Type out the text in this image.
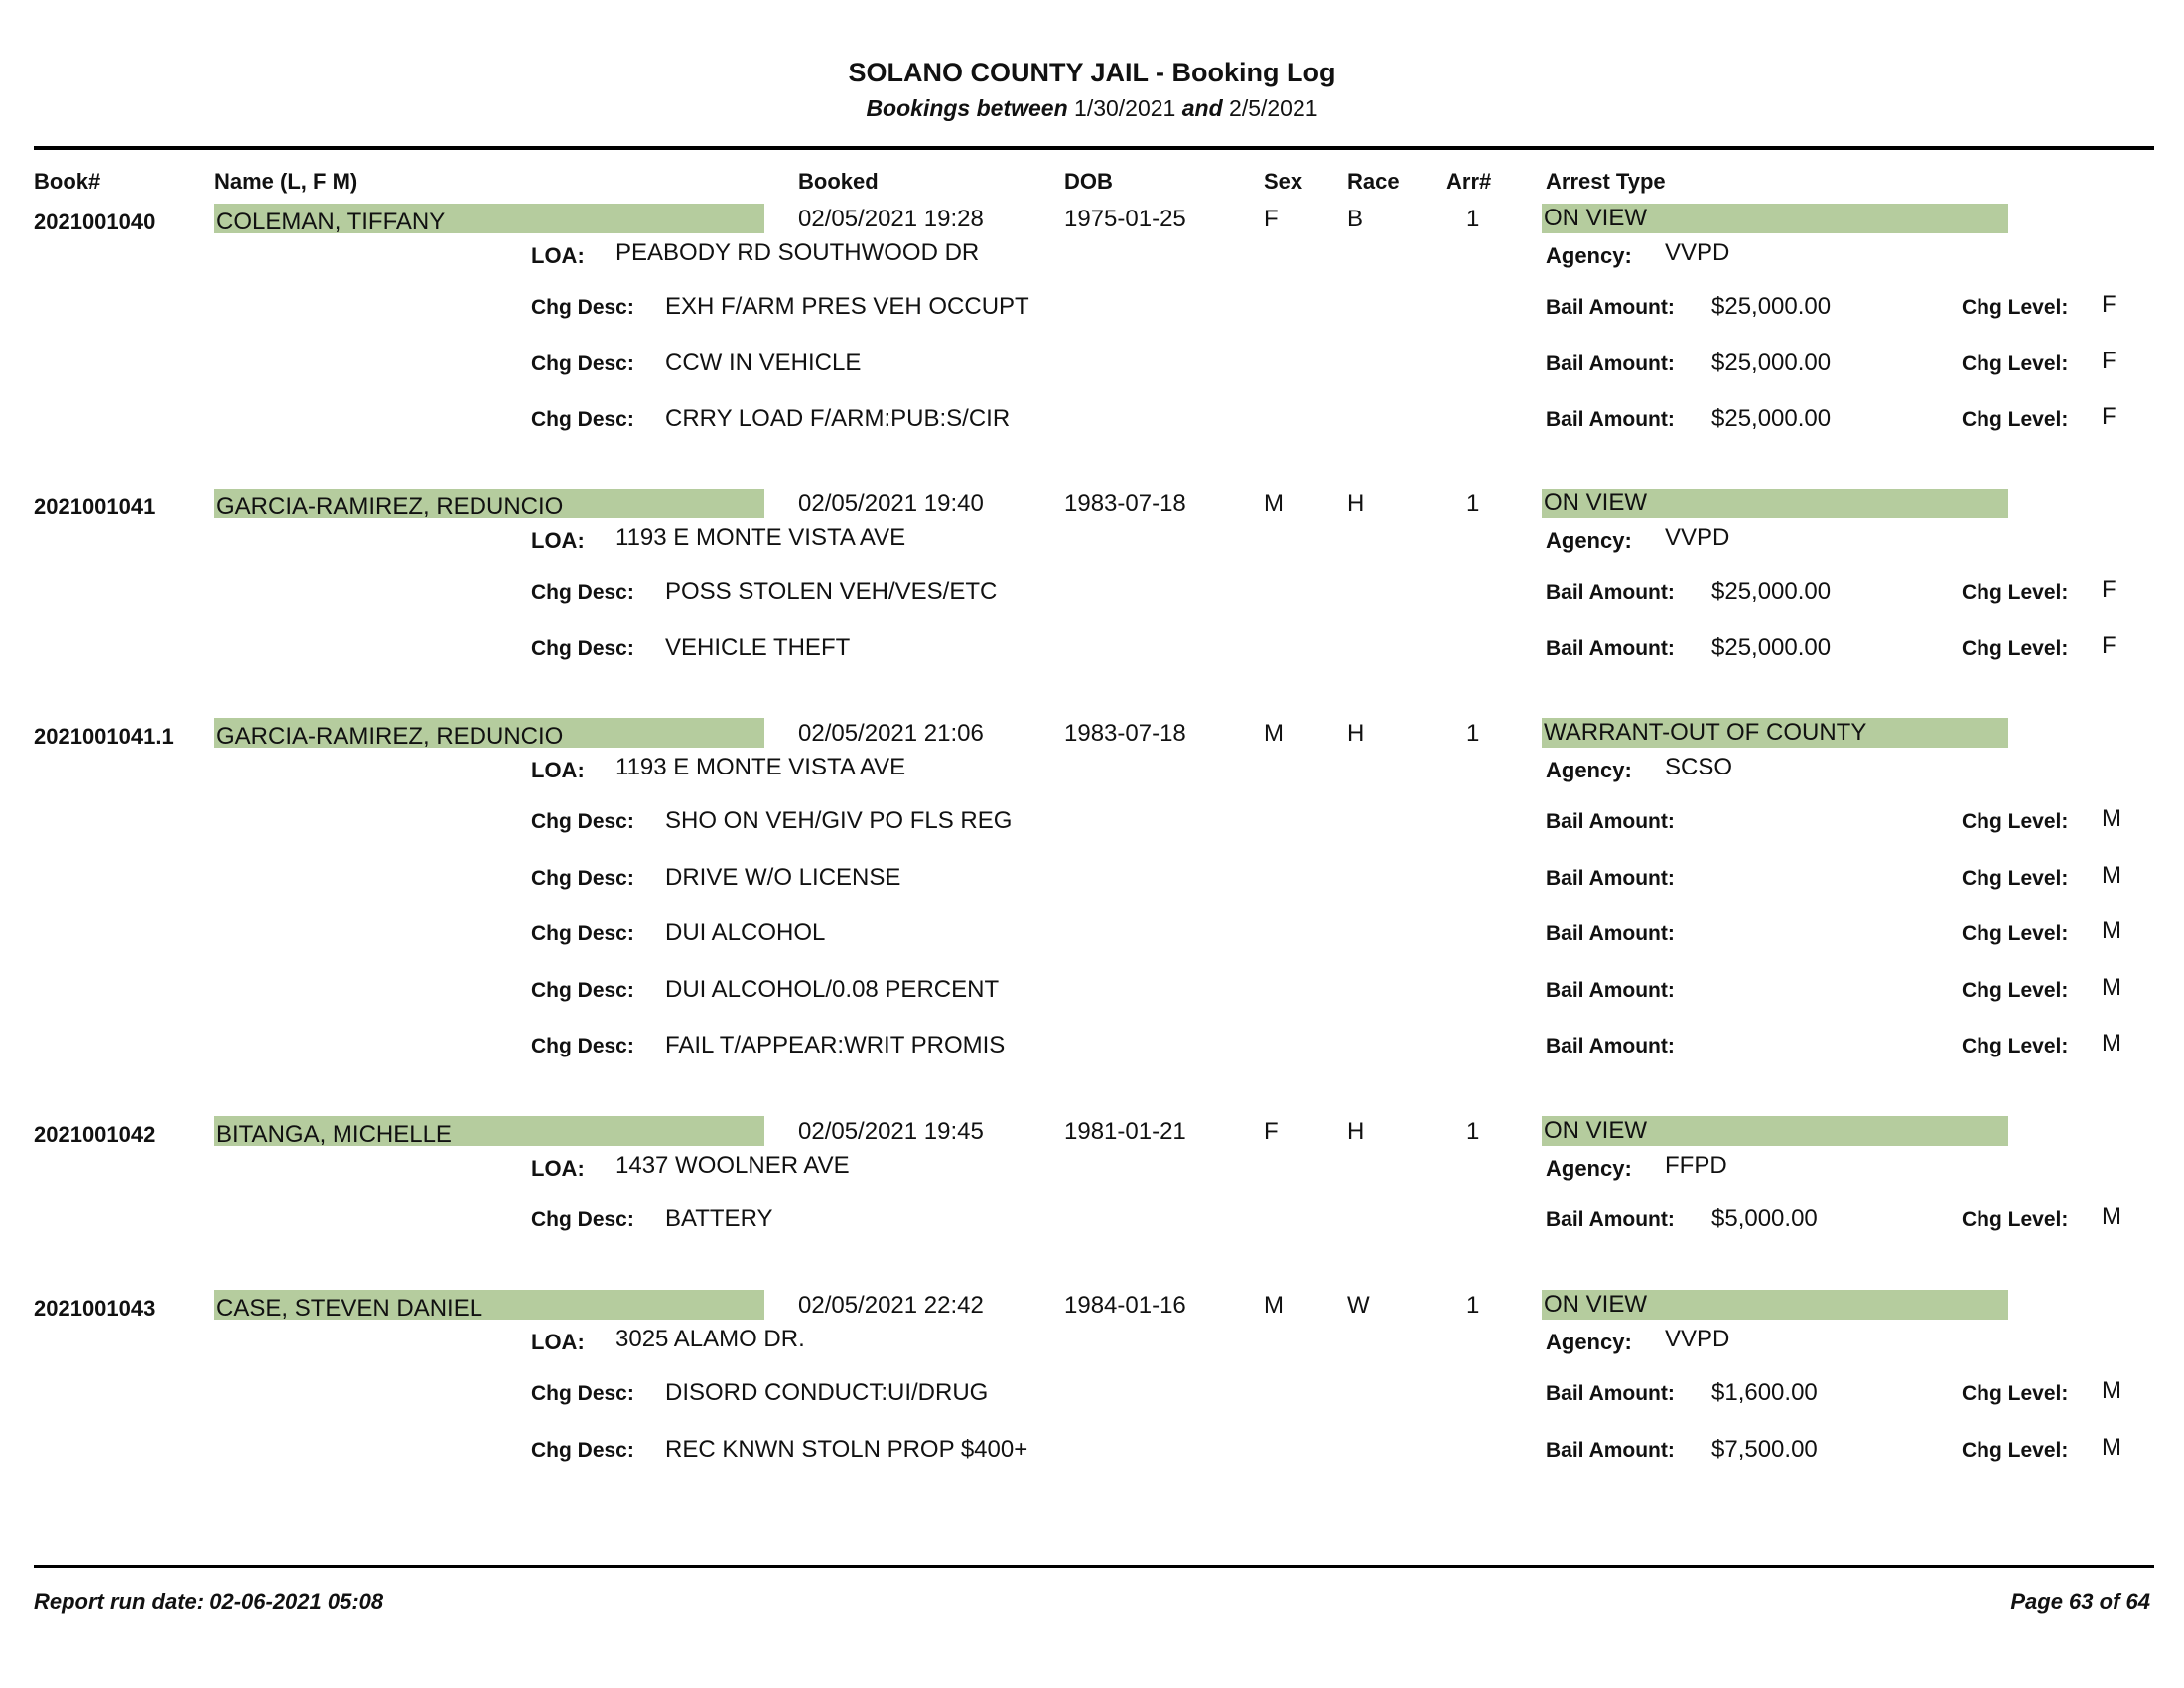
SOLANO COUNTY JAIL - Booking Log
Bookings between 1/30/2021 and 2/5/2021
Book#	Name (L, F M)	Booked	DOB	Sex Race Arr# Arrest Type
2021001040	COLEMAN, TIFFANY	02/05/2021 19:28	1975-01-25	F	B	1	ON VIEW
LOA: PEABODY RD SOUTHWOOD DR	Agency: VVPD
Chg Desc: EXH F/ARM PRES VEH OCCUPT	Bail Amount: $25,000.00	Chg Level: F
Chg Desc: CCW IN VEHICLE	Bail Amount: $25,000.00	Chg Level: F
Chg Desc: CRRY LOAD F/ARM:PUB:S/CIR	Bail Amount: $25,000.00	Chg Level: F
2021001041	GARCIA-RAMIREZ, REDUNCIO	02/05/2021 19:40	1983-07-18	M	H	1	ON VIEW
LOA: 1193 E MONTE VISTA AVE	Agency: VVPD
Chg Desc: POSS STOLEN VEH/VES/ETC	Bail Amount: $25,000.00	Chg Level: F
Chg Desc: VEHICLE THEFT	Bail Amount: $25,000.00	Chg Level: F
2021001041.1 GARCIA-RAMIREZ, REDUNCIO	02/05/2021 21:06	1983-07-18	M	H	1	WARRANT-OUT OF COUNTY
LOA: 1193 E MONTE VISTA AVE	Agency: SCSO
Chg Desc: SHO ON VEH/GIV PO FLS REG	Bail Amount:	Chg Level: M
Chg Desc: DRIVE W/O LICENSE	Bail Amount:	Chg Level: M
Chg Desc: DUI ALCOHOL	Bail Amount:	Chg Level: M
Chg Desc: DUI ALCOHOL/0.08 PERCENT	Bail Amount:	Chg Level: M
Chg Desc: FAIL T/APPEAR:WRIT PROMIS	Bail Amount:	Chg Level: M
2021001042	BITANGA, MICHELLE	02/05/2021 19:45	1981-01-21	F	H	1	ON VIEW
LOA: 1437 WOOLNER AVE	Agency: FFPD
Chg Desc: BATTERY	Bail Amount: $5,000.00	Chg Level: M
2021001043	CASE, STEVEN DANIEL	02/05/2021 22:42	1984-01-16	M	W	1	ON VIEW
LOA: 3025 ALAMO DR.	Agency: VVPD
Chg Desc: DISORD CONDUCT:UI/DRUG	Bail Amount: $1,600.00	Chg Level: M
Chg Desc: REC KNWN STOLN PROP $400+	Bail Amount: $7,500.00	Chg Level: M
Report run date: 02-06-2021 05:08	Page 63 of 64
